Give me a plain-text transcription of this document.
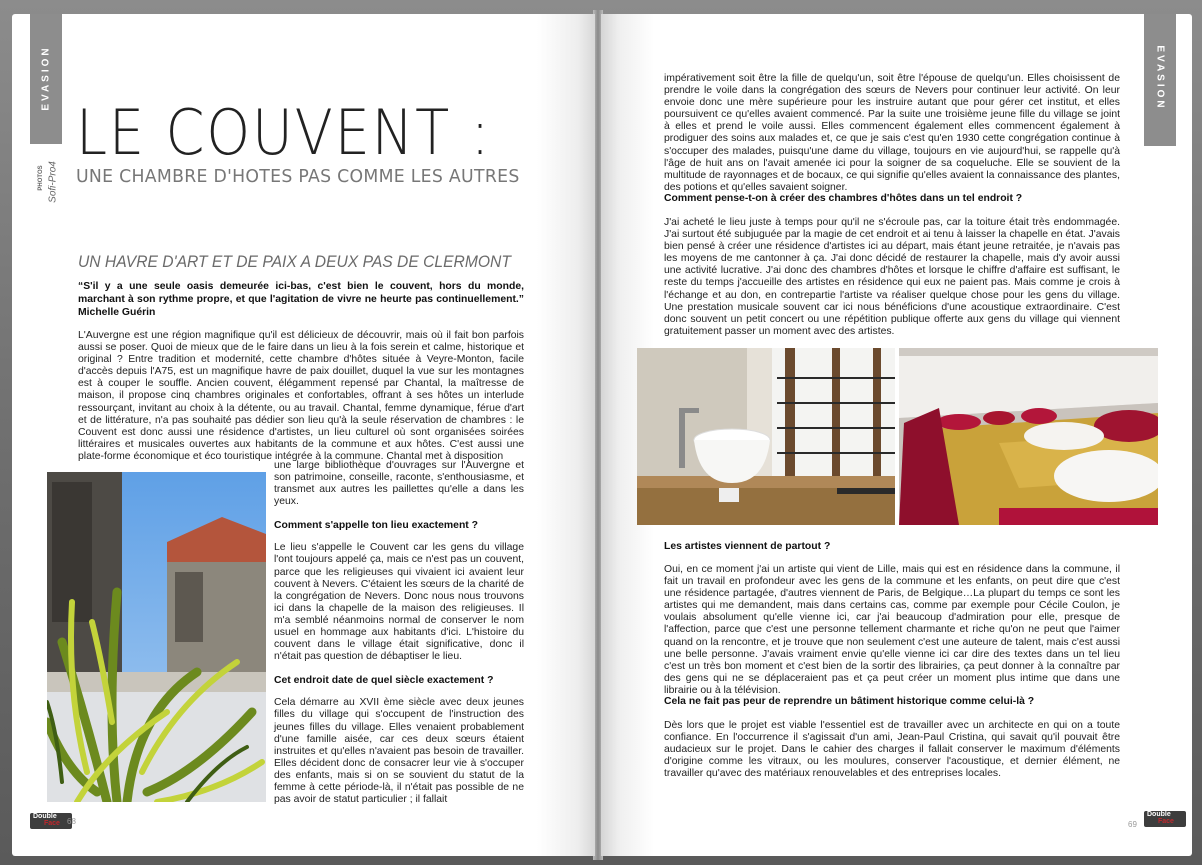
EVASION
PHOTOS Sofi-Pro4
LE COUVENT :
UNE CHAMBRE D'HOTES PAS COMME LES AUTRES
UN HAVRE D'ART ET DE PAIX A DEUX PAS DE CLERMONT
“S'il y a une seule oasis demeurée ici-bas, c'est bien le couvent, hors du monde, marchant à son rythme propre, et que l'agitation de vivre ne heurte pas continuellement.” Michelle Guérin
L'Auvergne est une région magnifique qu'il est délicieux de découvrir, mais où il fait bon parfois aussi se poser. Quoi de mieux que de le faire dans un lieu à la fois serein et calme, historique et original ? Entre tradition et modernité, cette chambre d'hôtes située à Veyre-Monton, facile d'accès depuis l'A75, est un magnifique havre de paix douillet, duquel la vue sur les montagnes est à couper le souffle. Ancien couvent, élégamment repensé par Chantal, la maîtresse de maison, il propose cinq chambres originales et confortables, offrant à ses hôtes un interlude ressourçant, invitant au choix à la détente, ou au travail. Chantal, femme dynamique, férue d'art et de littérature, n'a pas souhaité pas dédier son lieu qu'à la seule réservation de chambres : le Couvent est donc aussi une résidence d'artistes, un lieu culturel où sont organisées soirées littéraires et musicales ouvertes aux habitants de la commune et aux hôtes. C'est aussi une plate-forme économique et éco touristique intégrée à la commune. Chantal met à disposition
une large bibliothèque d'ouvrages sur l'Auvergne et son patrimoine, conseille, raconte, s'enthousiasme, et transmet aux autres les paillettes qu'elle a dans les yeux.
Comment s'appelle ton lieu exactement ?
Le lieu s'appelle le Couvent car les gens du village l'ont toujours appelé ça, mais ce n'est pas un couvent, parce que les religieuses qui vivaient ici avaient leur couvent à Nevers. C'étaient les sœurs de la charité de la congrégation de Nevers. Donc nous nous trouvons ici dans la chapelle de la maison des religieuses. Il m'a semblé néanmoins normal de conserver le nom usuel en hommage aux habitants d'ici. L'histoire du couvent dans le village était significative, donc il n'était pas question de débaptiser le lieu.
Cet endroit date de quel siècle exactement ?
Cela démarre au XVII ème siècle avec deux jeunes filles du village qui s'occupent de l'instruction des jeunes filles du village. Elles venaient probablement d'une famille aisée, car ces deux sœurs étaient instruites et qu'elles n'avaient pas besoin de travailler. Elles décident donc de consacrer leur vie à s'occuper des enfants, mais si on se souvient du statut de la femme à cette période-là, il n'était pas possible de ne pas avoir de statut particulier ; il fallait
Double
Face 68
EVASION
impérativement soit être la fille de quelqu'un, soit être l'épouse de quelqu'un. Elles choisissent de prendre le voile dans la congrégation des sœurs de Nevers pour continuer leur activité. On leur envoie donc une mère supérieure pour les instruire autant que pour gérer cet institut, et elles poursuivent ce qu'elles avaient commencé. Par la suite une troisième jeune fille du village se joint à elles et prend le voile aussi. Elles commencent également elles commencent également à prodiguer des soins aux malades et, ce que je sais c'est qu'en 1930 cette congrégation continue à s'occuper des malades, puisqu'une dame du village, toujours en vie aujourd'hui, se rappelle qu'à l'âge de huit ans on l'avait amenée ici pour la soigner de sa coqueluche. Elle se souvient de la multitude de rayonnages et de bocaux, ce qui signifie qu'elles avaient la connaissance des plantes, des potions et qu'elles savaient soigner.
Comment pense-t-on à créer des chambres d'hôtes dans un tel endroit ?
J'ai acheté le lieu juste à temps pour qu'il ne s'écroule pas, car la toiture était très endommagée. J'ai surtout été subjuguée par la magie de cet endroit et ai tenu à laisser la chapelle en état. J'avais bien pensé à créer une résidence d'artistes ici au départ, mais étant jeune retraitée, je n'avais pas les moyens de me cantonner à ça. J'ai donc décidé de restaurer la chapelle, mais d'y avoir aussi une activité lucrative. J'ai donc des chambres d'hôtes et lorsque le chiffre d'affaire est suffisant, le reste du temps j'accueille des artistes en résidence qui eux ne paient pas. Mais comme je crois à l'échange et au don, en contrepartie l'artiste va réaliser quelque chose pour les gens du village. Une prestation musicale souvent car ici nous bénéficions d'une acoustique extraordinaire. C'est donc souvent un petit concert ou une répétition publique offerte aux gens du village qui viennent gratuitement passer un moment avec des artistes.
Les artistes viennent de partout ?
Oui, en ce moment j'ai un artiste qui vient de Lille, mais qui est en résidence dans la commune, il fait un travail en profondeur avec les gens de la commune et les enfants, on peut dire que c'est une résidence partagée, d'autres viennent de Paris, de Belgique…La plupart du temps ce sont les artistes qui me demandent, mais dans certains cas, comme par exemple pour Cécile Coulon, je voulais absolument qu'elle vienne ici, car j'ai beaucoup d'admiration pour elle, presque de l'affection, parce que c'est une personne tellement charmante et riche qu'on ne peut que l'aimer quand on la rencontre, et je trouve que non seulement c'est une auteure de talent, mais c'est aussi une belle personne. J'avais vraiment envie qu'elle vienne ici car dire des textes dans un tel lieu c'est un très bon moment et c'est bien de la sortir des librairies, ça peut donner à la connaître par des gens qui ne se déplaceraient pas et ça peut créer un moment plus intime que dans une librairie ou à la télévision.
Cela ne fait pas peur de reprendre un bâtiment historique comme celui-là ?
Dès lors que le projet est viable l'essentiel est de travailler avec un architecte en qui on a toute confiance. En l'occurrence il s'agissait d'un ami, Jean-Paul Cristina, qui savait qu'il pouvait être audacieux sur le projet. Dans le cahier des charges il fallait conserver le maximum d'éléments d'origine comme les vitraux, ou les moulures, conserver l'acoustique, et dernier élément, ne travailler qu'avec des matériaux renouvelables et des entreprises locales.
69
Double
Face
